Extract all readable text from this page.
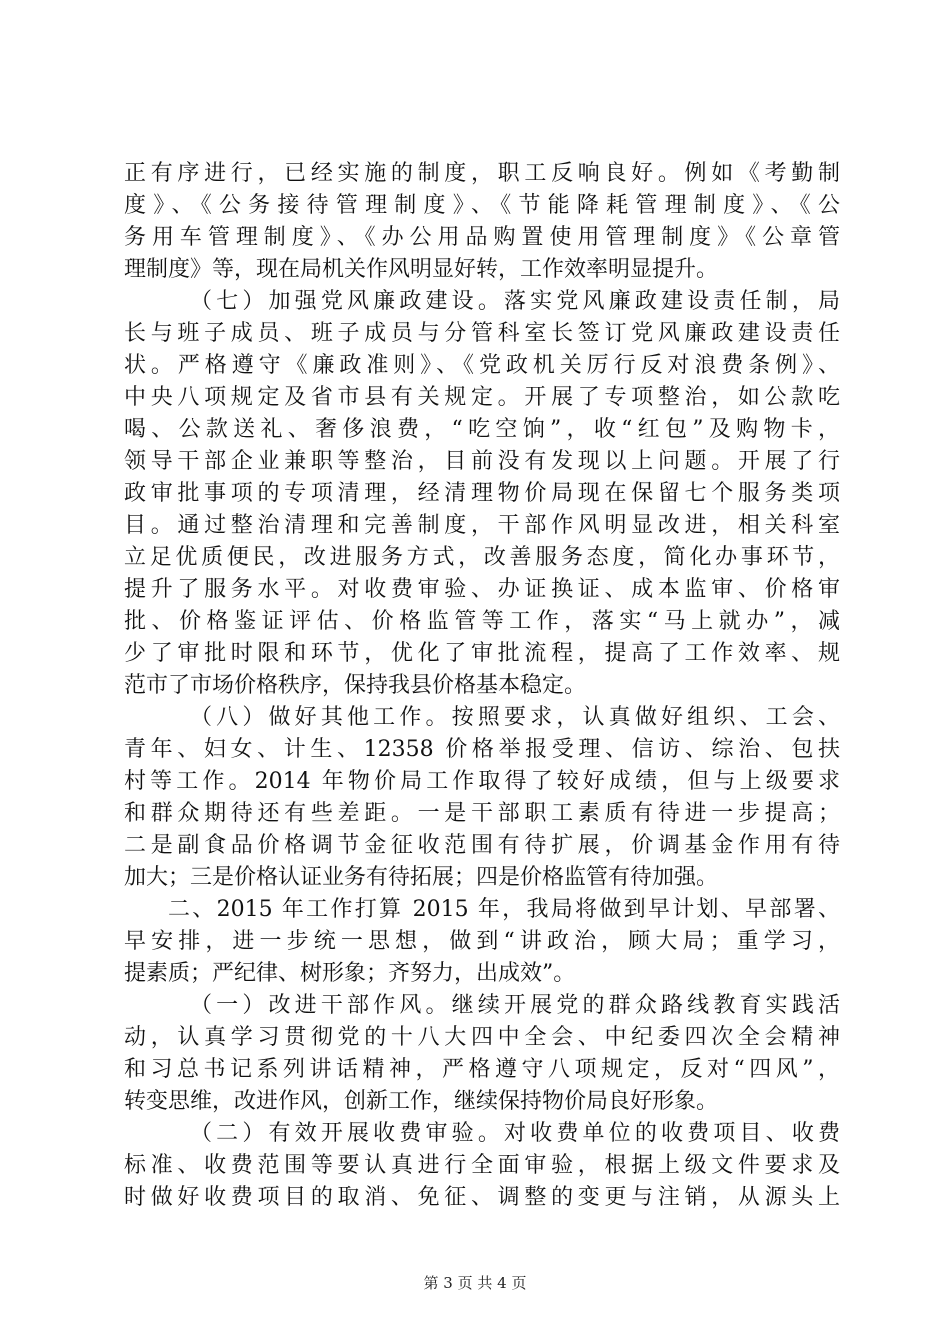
正有序进行，已经实施的制度，职工反响良好。例如《考勤制
度》、《公务接待管理制度》、《节能降耗管理制度》、《公
务用车管理制度》、《办公用品购置使用管理制度》《公章管
理制度》等，现在局机关作风明显好转，工作效率明显提升。
（七）加强党风廉政建设。落实党风廉政建设责任制，局
长与班子成员、班子成员与分管科室长签订党风廉政建设责任
状。严格遵守《廉政准则》、《党政机关厉行反对浪费条例》、
中央八项规定及省市县有关规定。开展了专项整治，如公款吃
喝、公款送礼、奢侈浪费，“吃空饷”，收“红包”及购物卡，
领导干部企业兼职等整治，目前没有发现以上问题。开展了行
政审批事项的专项清理，经清理物价局现在保留七个服务类项
目。通过整治清理和完善制度，干部作风明显改进，相关科室
立足优质便民，改进服务方式，改善服务态度，简化办事环节，
提升了服务水平。对收费审验、办证换证、成本监审、价格审
批、价格鉴证评估、价格监管等工作，落实“马上就办”，减
少了审批时限和环节，优化了审批流程，提高了工作效率、规
范市了市场价格秩序，保持我县价格基本稳定。
（八）做好其他工作。按照要求，认真做好组织、工会、
青年、妇女、计生、12358 价格举报受理、信访、综治、包扶
村等工作。2014 年物价局工作取得了较好成绩，但与上级要求
和群众期待还有些差距。一是干部职工素质有待进一步提高；
二是副食品价格调节金征收范围有待扩展，价调基金作用有待
加大；三是价格认证业务有待拓展；四是价格监管有待加强。
二、2015 年工作打算 2015 年，我局将做到早计划、早部署、
早安排，进一步统一思想，做到“讲政治，顾大局；重学习，
提素质；严纪律、树形象；齐努力，出成效”。
（一）改进干部作风。继续开展党的群众路线教育实践活
动，认真学习贯彻党的十八大四中全会、中纪委四次全会精神
和习总书记系列讲话精神，严格遵守八项规定，反对“四风”，
转变思维，改进作风，创新工作，继续保持物价局良好形象。
（二）有效开展收费审验。对收费单位的收费项目、收费
标准、收费范围等要认真进行全面审验，根据上级文件要求及
时做好收费项目的取消、免征、调整的变更与注销，从源头上
第 3 页 共 4 页
